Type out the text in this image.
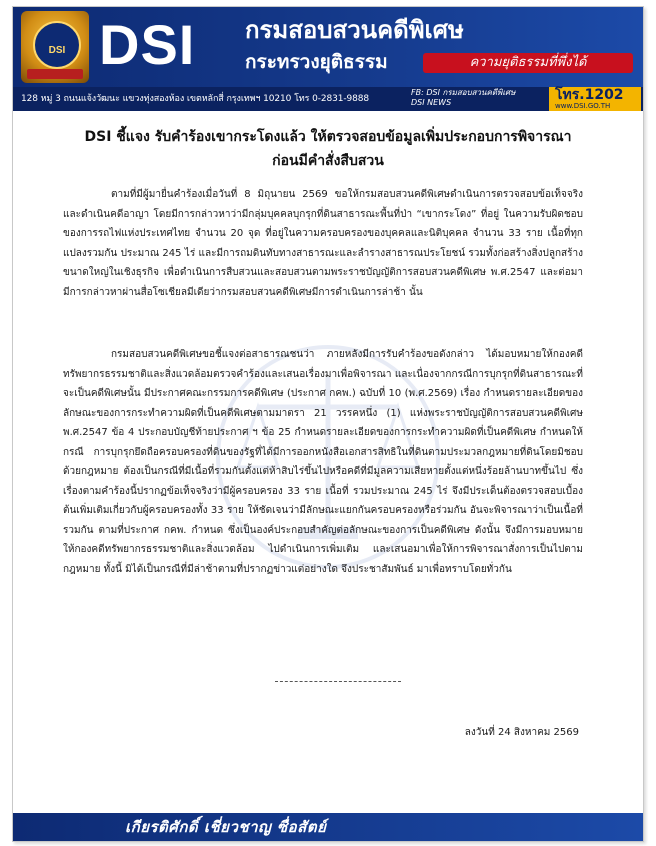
DSI DSI กรมสอบสวนคดีพิเศษ
กระทรวงยุติธรรม	ความยุติธรรมที่พึ่งได้
128 หมู่ 3 ถนนแจ้งวัฒนะ แขวงทุ่งสองห้อง เขตหลักสี่ กรุงเทพฯ 10210 โทร 0-2831-9888
FB: DSI กรมสอบสวนคดีพิเศษ
DSI NEWS	โทร.1202
www.DSI.GO.TH
DSI ชี้แจง รับคำร้องเขากระโดงแล้ว ให้ตรวจสอบข้อมูลเพิ่มประกอบการพิจารณา
ก่อนมีคำสั่งสืบสวน
ตามที่มีผู้มายื่นคำร้องเมื่อวันที่ 8 มิถุนายน 2569 ขอให้กรมสอบสวนคดีพิเศษดำเนินการตรวจสอบข้อเท็จจริงและดำเนินคดีอาญา โดยมีการกล่าวหาว่ามีกลุ่มบุคคลบุกรุกที่ดินสาธารณะพื้นที่ป่า “เขากระโดง” ที่อยู่ ในความรับผิดชอบของการรถไฟแห่งประเทศไทย จำนวน 20 จุด ที่อยู่ในความครอบครองของบุคคลและนิติบุคคล จำนวน 33 ราย เนื้อที่ทุกแปลงรวมกัน ประมาณ 245 ไร่ และมีการถมดินทับทางสาธารณะและลำรางสาธารณประโยชน์ รวมทั้งก่อสร้างสิ่งปลูกสร้างขนาดใหญ่ในเชิงธุรกิจ เพื่อดำเนินการสืบสวนและสอบสวนตามพระราชบัญญัติการสอบสวนคดีพิเศษ พ.ศ.2547 และต่อมามีการกล่าวหาผ่านสื่อโซเชียลมีเดียว่ากรมสอบสวนคดีพิเศษมีการดำเนินการล่าช้า นั้น
กรมสอบสวนคดีพิเศษขอชี้แจงต่อสาธารณชนว่า ภายหลังมีการรับคำร้องขอดังกล่าว ได้มอบหมายให้กองคดีทรัพยากรธรรมชาติและสิ่งแวดล้อมตรวจคำร้องและเสนอเรื่องมาเพื่อพิจารณา และเนื่องจากกรณีการบุกรุกที่ดินสาธารณะที่จะเป็นคดีพิเศษนั้น มีประกาศคณะกรรมการคดีพิเศษ (ประกาศ กคพ.) ฉบับที่ 10 (พ.ศ.2569) เรื่อง กำหนดรายละเอียดของลักษณะของการกระทำความผิดที่เป็นคดีพิเศษตามมาตรา 21 วรรคหนึ่ง (1) แห่งพระราชบัญญัติการสอบสวนคดีพิเศษ พ.ศ.2547 ข้อ 4 ประกอบบัญชีท้ายประกาศ ฯ ข้อ 25 กำหนดรายละเอียดของการกระทำความผิดที่เป็นคดีพิเศษ กำหนดให้กรณี การบุกรุกยึดถือครอบครองที่ดินของรัฐที่ได้มีการออกหนังสือเอกสารสิทธิในที่ดินตามประมวลกฎหมายที่ดินโดยมิชอบด้วยกฎหมาย ต้องเป็นกรณีที่มีเนื้อที่รวมกันตั้งแต่ห้าสิบไร่ขึ้นไปหรือคดีที่มีมูลความเสียหายตั้งแต่หนึ่งร้อยล้านบาทขึ้นไป ซึ่งเรื่องตามคำร้องนี้ปรากฏข้อเท็จจริงว่ามีผู้ครอบครอง 33 ราย เนื้อที่ รวมประมาณ 245 ไร่ จึงมีประเด็นต้องตรวจสอบเบื้องต้นเพิ่มเติมเกี่ยวกับผู้ครอบครองทั้ง 33 ราย ให้ชัดเจนว่ามีลักษณะแยกกันครอบครองหรือร่วมกัน อันจะพิจารณาว่าเป็นเนื้อที่รวมกัน ตามที่ประกาศ กคพ. กำหนด ซึ่งเป็นองค์ประกอบสำคัญต่อลักษณะของการเป็นคดีพิเศษ ดังนั้น จึงมีการมอบหมายให้กองคดีทรัพยากรธรรมชาติและสิ่งแวดล้อม ไปดำเนินการเพิ่มเติม และเสนอมาเพื่อให้การพิจารณาสั่งการเป็นไปตามกฎหมาย ทั้งนี้ มิได้เป็นกรณีที่มีล่าช้าตามที่ปรากฏข่าวแต่อย่างใด จึงประชาสัมพันธ์ มาเพื่อทราบโดยทั่วกัน
ลงวันที่ 24 สิงหาคม 2569
เกียรติศักดิ์ เชี่ยวชาญ ซื่อสัตย์
